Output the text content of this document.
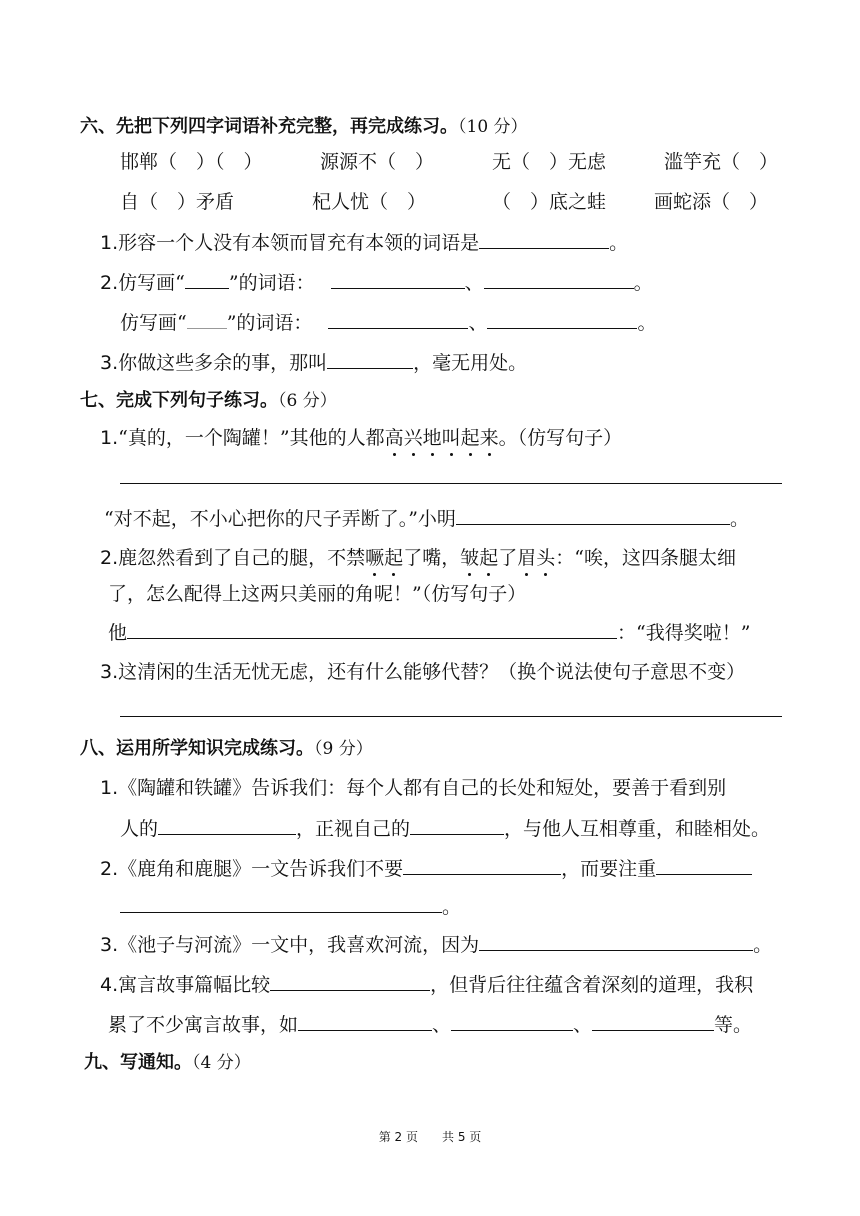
六、先把下列四字词语补充完整，再完成练习。（10 分）
邯郸（　）（　）	源源不（　）	无（　）无虑	滥竽充（　）
自（　）矛盾	杞人忧（　）	（　）底之蛙	画蛇添（　）
1.形容一个人没有本领而冒充有本领的词语是	。
2.仿写画“ ”的词语：	、	。
仿写画“ ”的词语：	、	。
3.你做这些多余的事，那叫	，毫无用处。
七、完成下列句子练习。（6 分）
1.“真的，一个陶罐！”其他的人都高兴地叫起来。（仿写句子）
“对不起，不小心把你的尺子弄断了。”小明	。
2.鹿忽然看到了自己的腿，不禁噘起了嘴，皱起了眉头：“唉，这四条腿太细
了，怎么配得上这两只美丽的角呢！”（仿写句子）
他	：“我得奖啦！”
3.这清闲的生活无忧无虑，还有什么能够代替？（换个说法使句子意思不变）
八、运用所学知识完成练习。（9 分）
1.《陶罐和铁罐》告诉我们：每个人都有自己的长处和短处，要善于看到别
人的	，正视自己的	，与他人互相尊重，和睦相处。
2.《鹿角和鹿腿》一文告诉我们不要	，而要注重
。
3.《池子与河流》一文中，我喜欢河流，因为	。
4.寓言故事篇幅比较	，但背后往往蕴含着深刻的道理，我积
累了不少寓言故事，如	、	、	等。
九、写通知。（4 分）
第 2 页　　共 5 页
